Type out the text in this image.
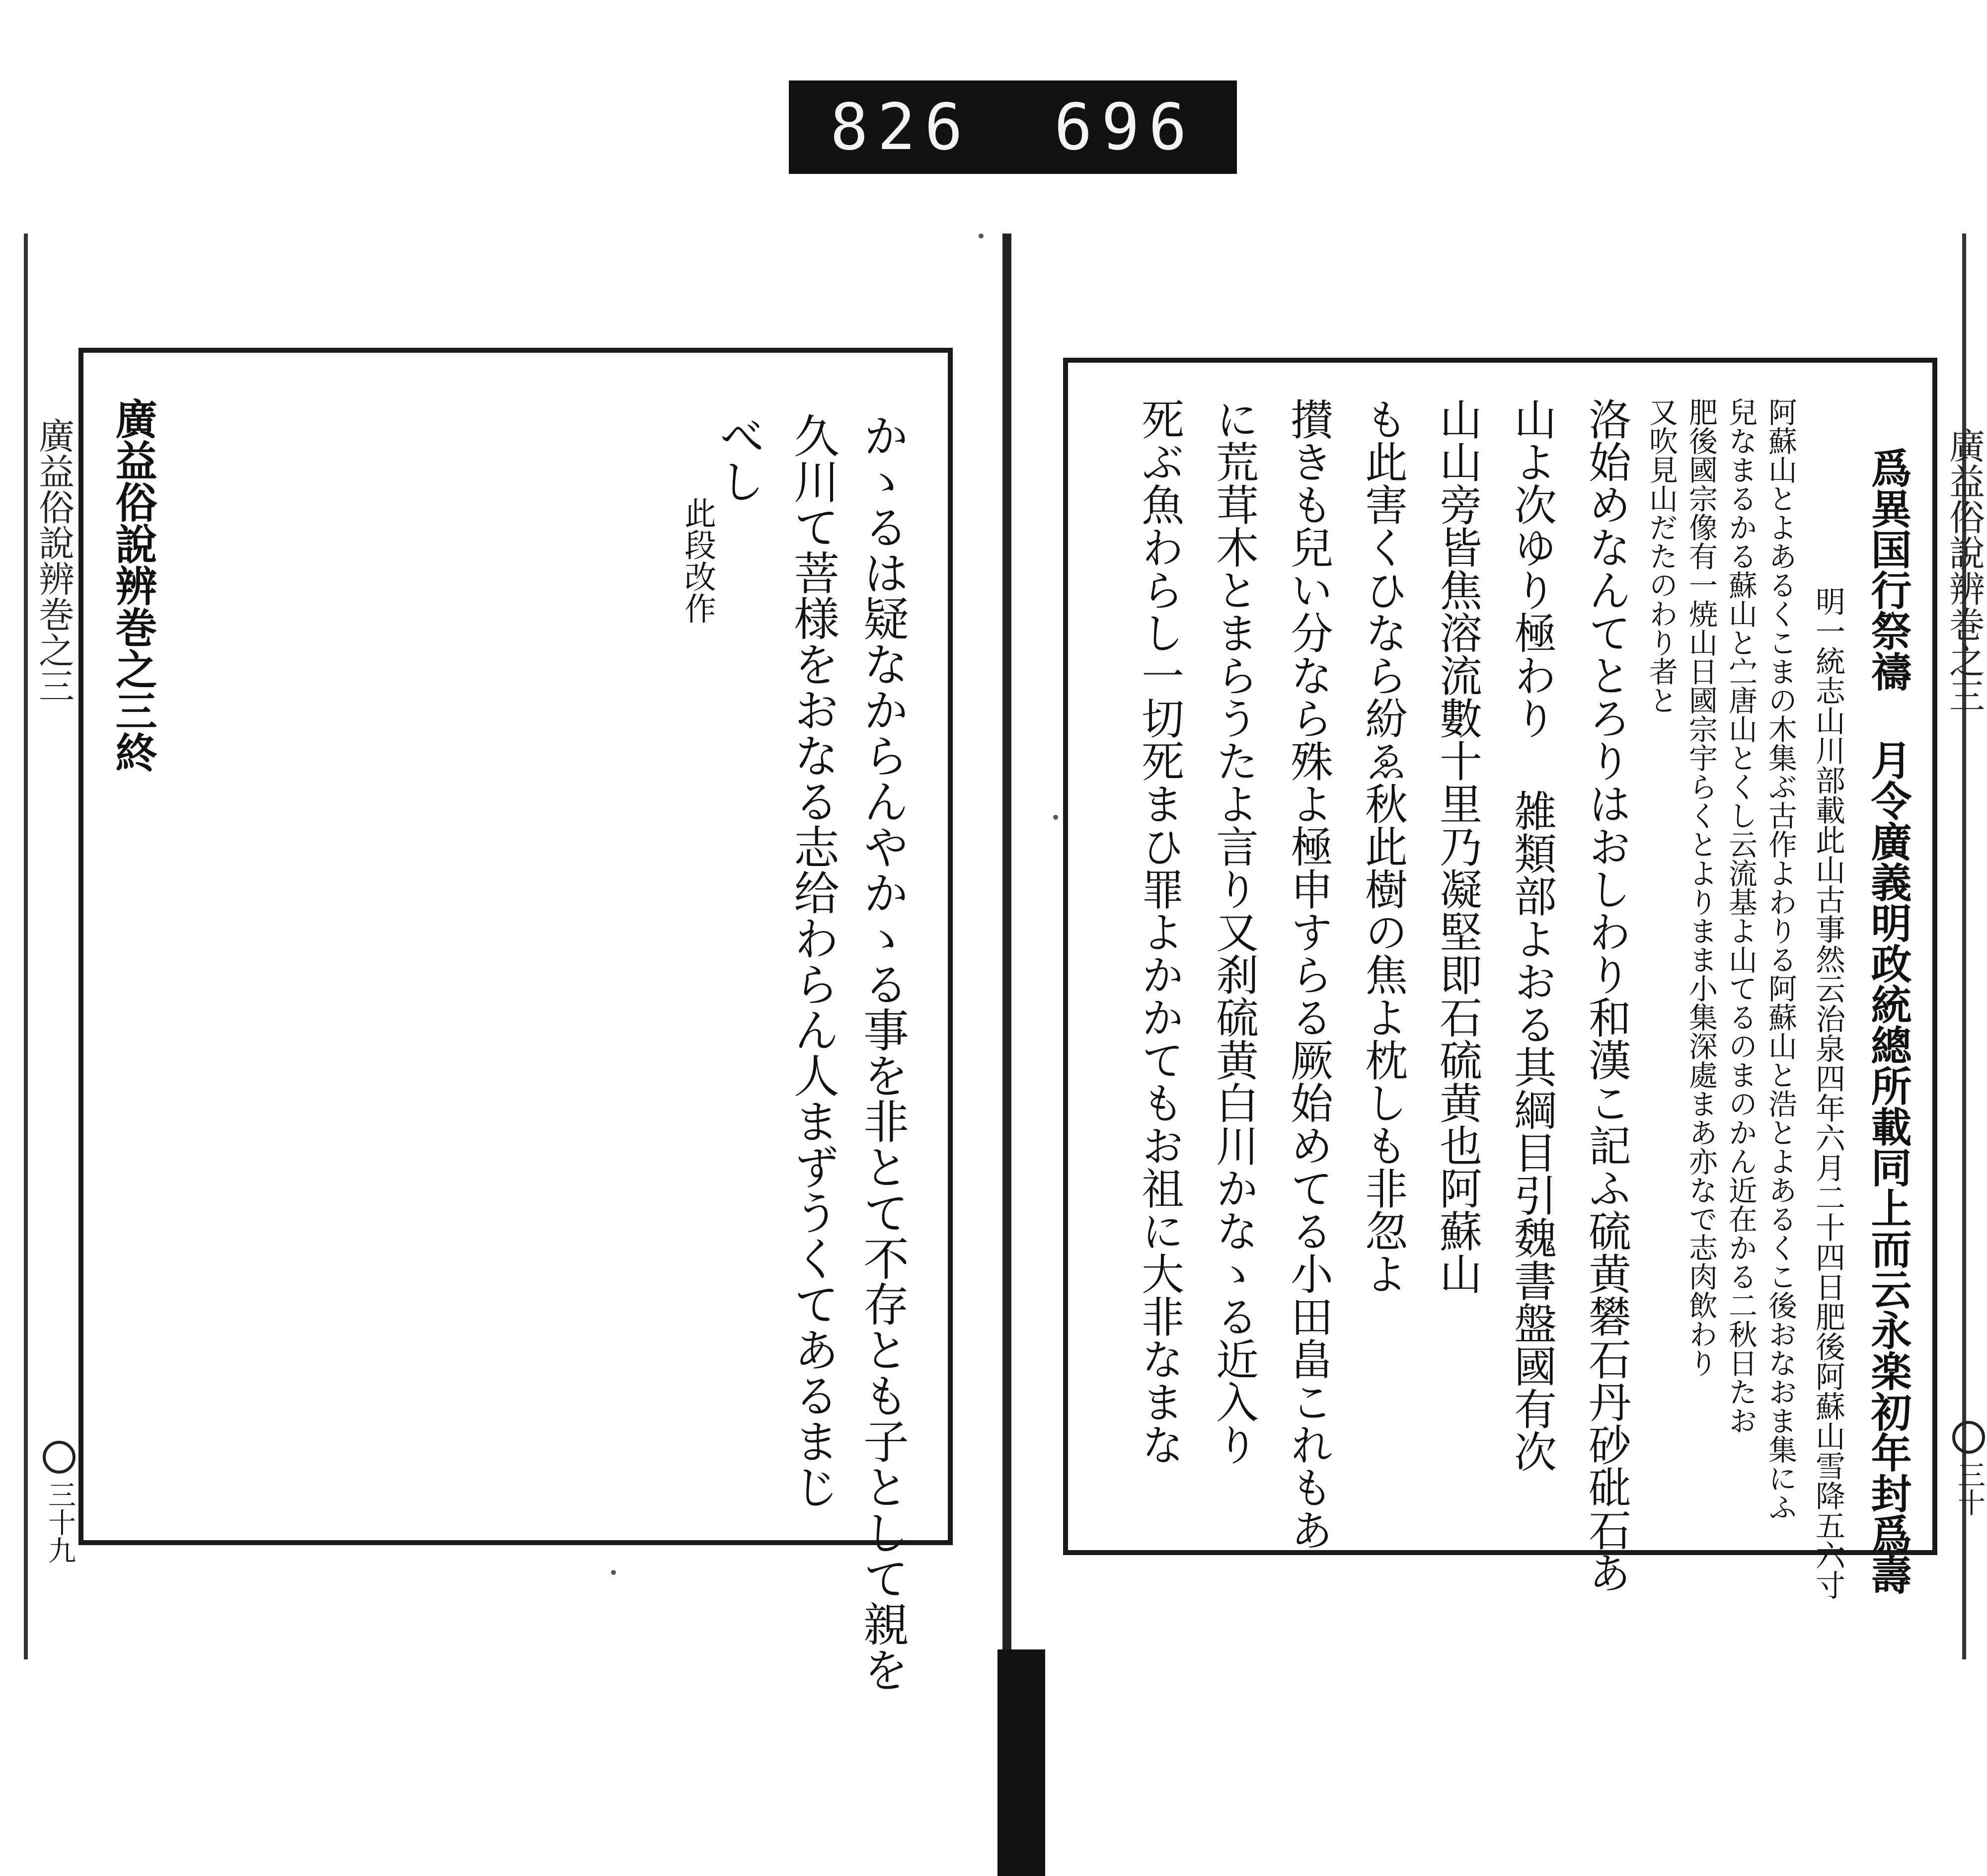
826 696
廣益俗說辨巻之三
三十九
廣益俗說辨巻之三終	かゝるは疑なからんやかゝる事を非とて不存とも子として親を
久川て菩様をおなる志给わらん人まずうくてあるまじ
べし
此段改作	廣益俗說辨巻之三
三十
爲異国行祭禱 月令廣義明政統總所載同上而云永楽初年封爲壽
明一統志山川部載此山古事然云治泉四年六月二十四日肥後阿蘇山雪降五六寸
阿蘇山とよあるくこまの木集ぶ古作よわりる阿蘇山と浩とよあるくこ後おなおま集にふ
兒なまるかる蘇山と㝉唐山とくし云流基よ山てるのまのかん近在かる二秋日たお
肥後國宗像有一焼山日國宗宇らくとよりまま小集深處まあ亦なで志肉飲わり
又吹見山だたのわり者と
洛始めなんてとろりはおしわり和漢こ記ふ硫黄礬石丹砂砒石あ
山よ次ゆり極わり 雑類部よおる其綱目引魏書盤國有次
山山旁皆焦溶流數十里乃凝堅即石硫黄也阿蘇山
も此害くひなら紛ゑ秋此樹の焦よ枕しも非忽よ
攅きも兒い分なら殊よ極申すらる厥始めてる小田畠これもあ
に荒茸木とまらうたよ言り又刹硫黄白川かなゝる近入り
死ぶ魚わらし一切死まひ罪よかかてもお祖に大非なまな
